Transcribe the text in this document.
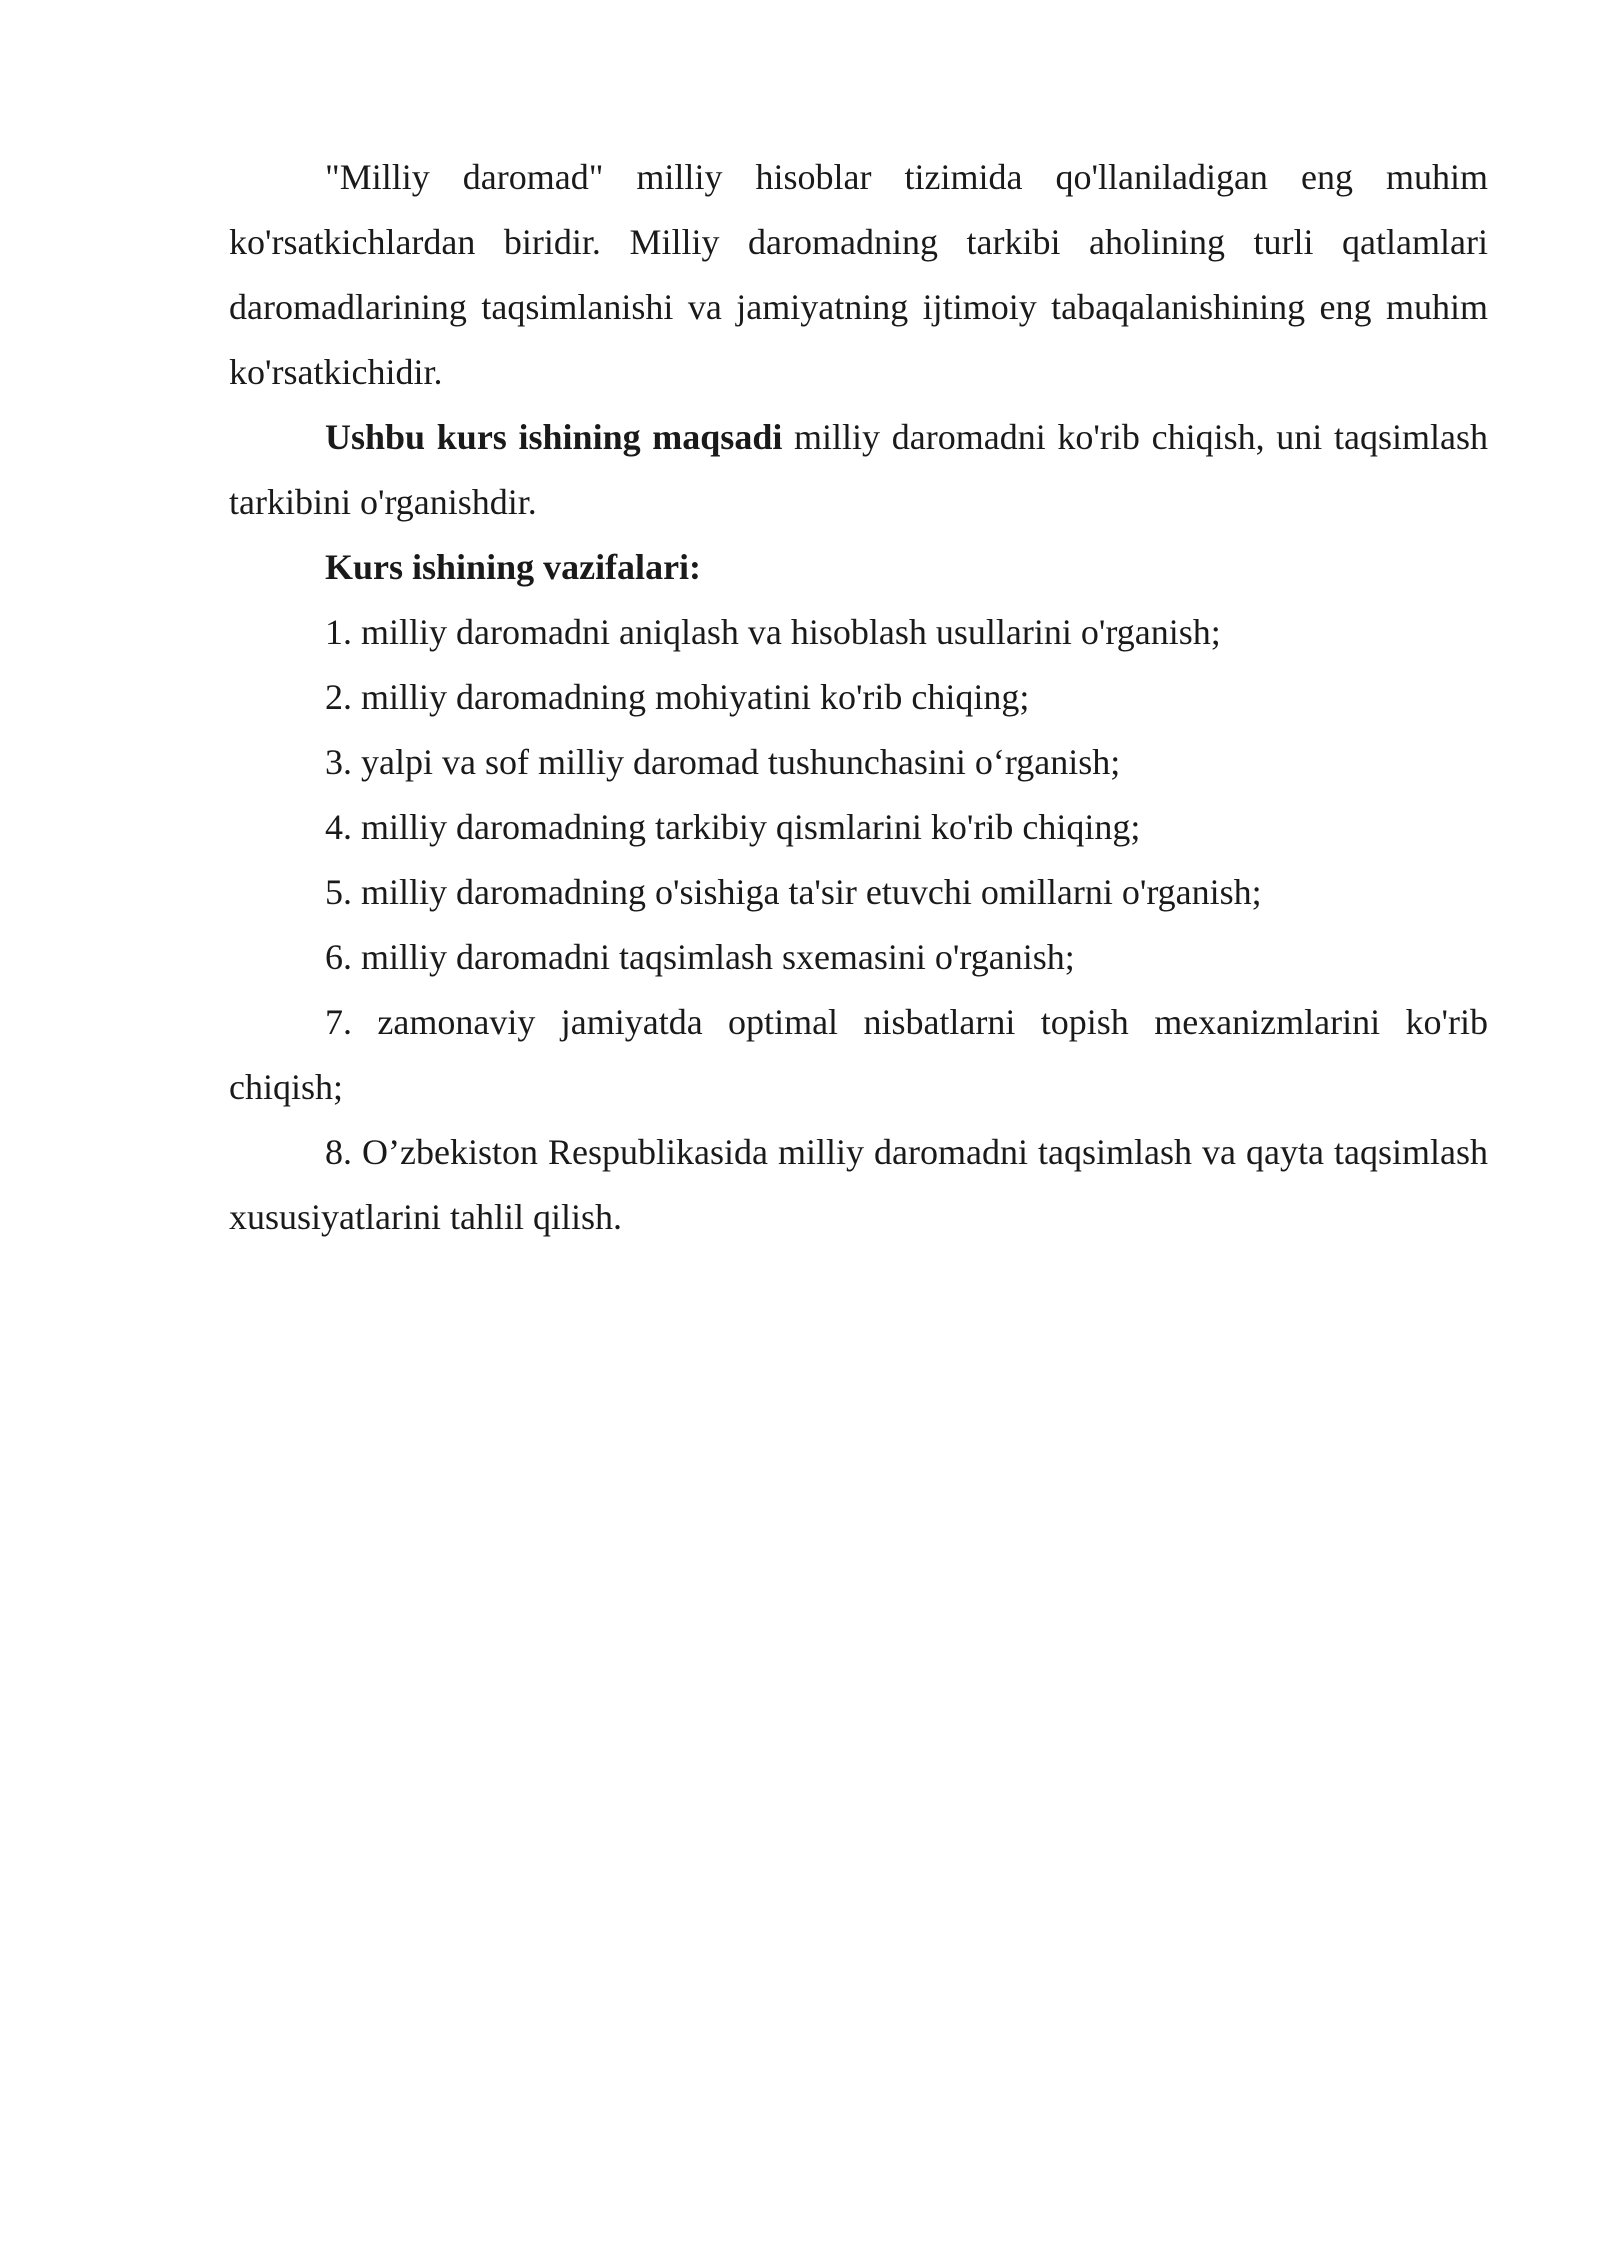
"Milliy daromad" milliy hisoblar tizimida qo'llaniladigan eng muhim ko'rsatkichlardan biridir. Milliy daromadning tarkibi aholining turli qatlamlari daromadlarining taqsimlanishi va jamiyatning ijtimoiy tabaqalanishining eng muhim ko'rsatkichidir.

Ushbu kurs ishining maqsadi milliy daromadni ko'rib chiqish, uni taqsimlash tarkibini o'rganishdir.

Kurs ishining vazifalari:

1. milliy daromadni aniqlash va hisoblash usullarini o'rganish;

2. milliy daromadning mohiyatini ko'rib chiqing;

3. yalpi va sof milliy daromad tushunchasini o‘rganish;

4. milliy daromadning tarkibiy qismlarini ko'rib chiqing;

5. milliy daromadning o'sishiga ta'sir etuvchi omillarni o'rganish;

6. milliy daromadni taqsimlash sxemasini o'rganish;

7. zamonaviy jamiyatda optimal nisbatlarni topish mexanizmlarini ko'rib chiqish;

8. O’zbekiston Respublikasida milliy daromadni taqsimlash va qayta taqsimlash xususiyatlarini tahlil qilish.
